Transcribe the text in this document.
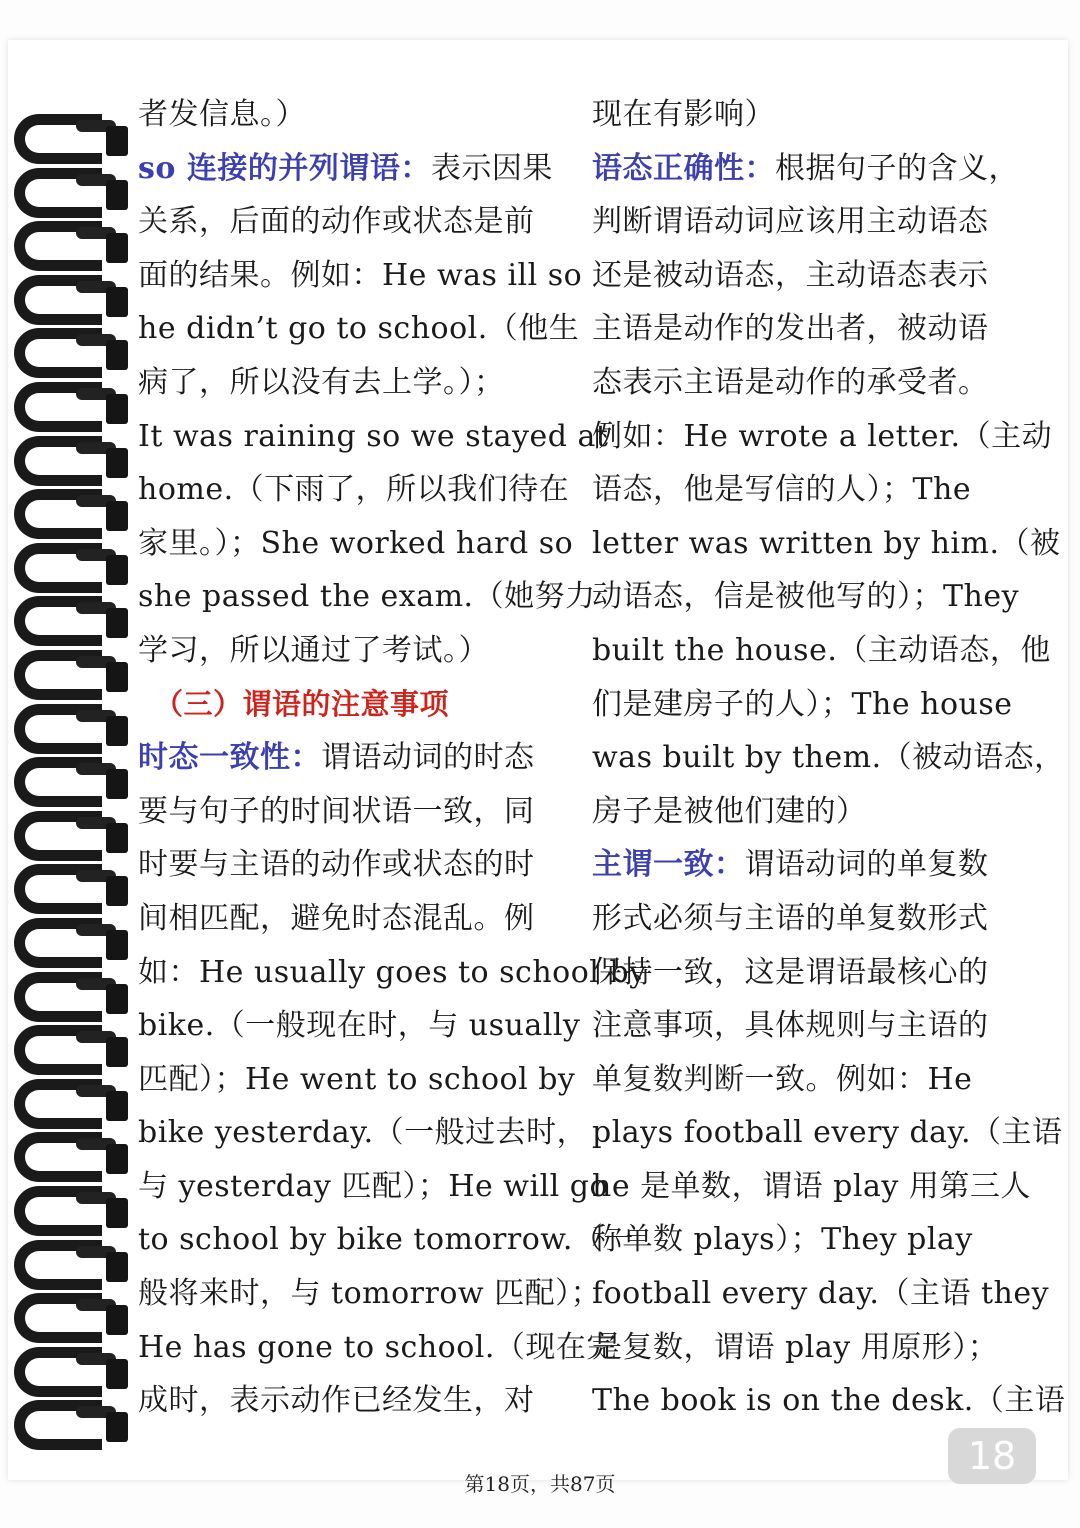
者发信息。）
so 连接的并列谓语：表示因果
关系，后面的动作或状态是前
面的结果。例如：He was ill so
he didn’t go to school.（他生
病了，所以没有去上学。）；
It was raining so we stayed at
home.（下雨了，所以我们待在
家里。）；She worked hard so
she passed the exam.（她努力
学习，所以通过了考试。）
（三）谓语的注意事项
时态一致性：谓语动词的时态
要与句子的时间状语一致，同
时要与主语的动作或状态的时
间相匹配，避免时态混乱。例
如：He usually goes to school by
bike.（一般现在时，与 usually
匹配）；He went to school by
bike yesterday.（一般过去时，
与 yesterday 匹配）；He will go
to school by bike tomorrow.（一
般将来时，与 tomorrow 匹配）；
He has gone to school.（现在完
成时，表示动作已经发生，对
现在有影响）
语态正确性：根据句子的含义，
判断谓语动词应该用主动语态
还是被动语态，主动语态表示
主语是动作的发出者，被动语
态表示主语是动作的承受者。
例如：He wrote a letter.（主动
语态，他是写信的人）；The
letter was written by him.（被
动语态，信是被他写的）；They
built the house.（主动语态，他
们是建房子的人）；The house
was built by them.（被动语态，
房子是被他们建的）
主谓一致：谓语动词的单复数
形式必须与主语的单复数形式
保持一致，这是谓语最核心的
注意事项，具体规则与主语的
单复数判断一致。例如：He
plays football every day.（主语
he 是单数，谓语 play 用第三人
称单数 plays）；They play
football every day.（主语 they
是复数，谓语 play 用原形）；
The book is on the desk.（主语
18
第18页，共87页
